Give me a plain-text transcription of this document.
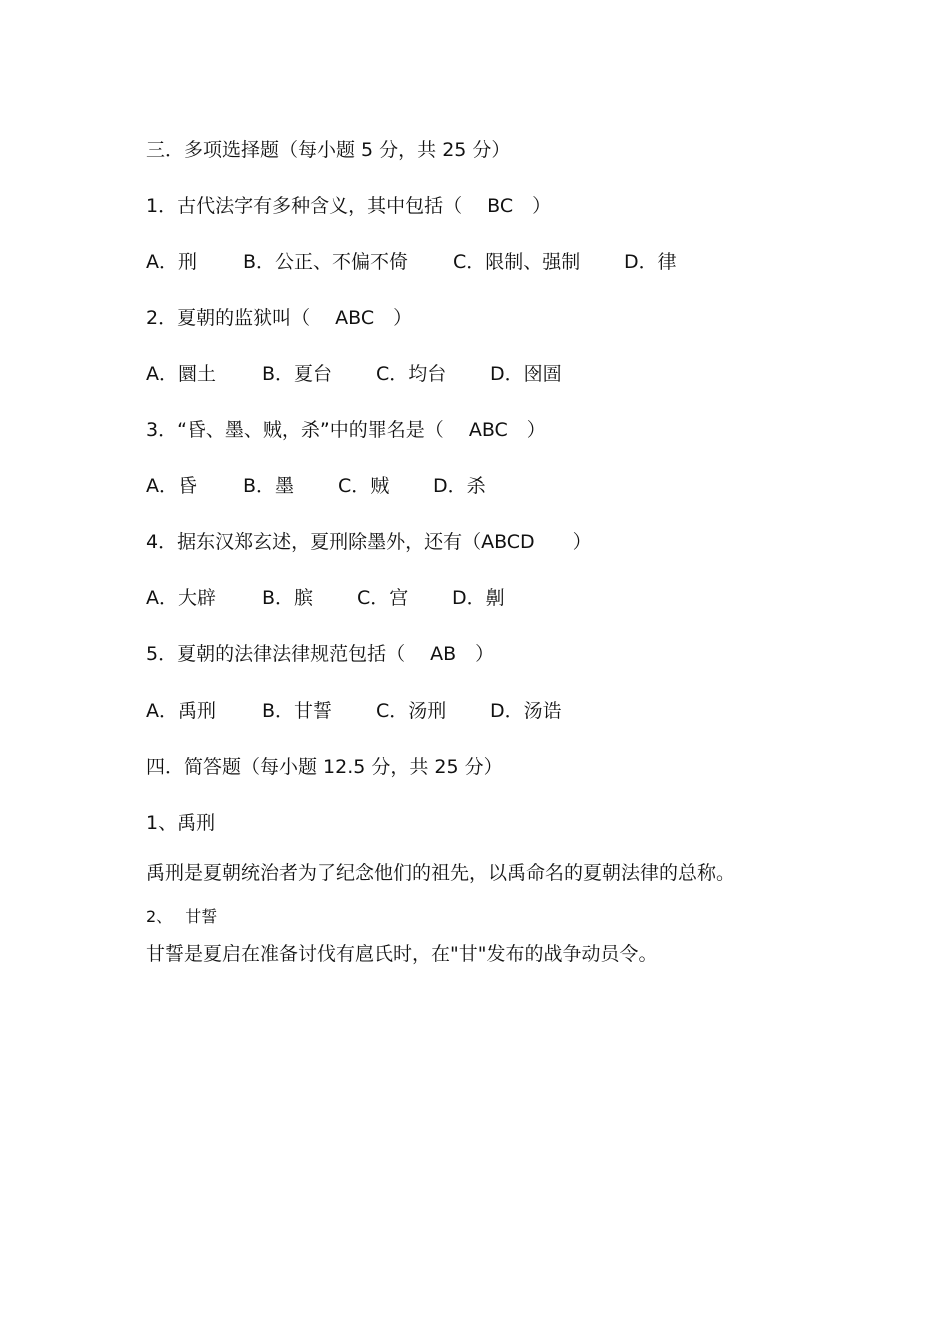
三．多项选择题（每小题 5 分，共 25 分）
1．古代法字有多种含义，其中包括（　 BC　）
A．刑 B．公正、不偏不倚 C．限制、强制 D．律
2．夏朝的监狱叫（　 ABC　）
A．圜土 B．夏台 C．均台 D．囹圄
3．“昏、墨、贼，杀”中的罪名是（　 ABC　）
A．昏 B．墨 C．贼 D．杀
4．据东汉郑玄述，夏刑除墨外，还有（ABCD　　）
A．大辟 B．膑 C．宫 D．劓
5．夏朝的法律法律规范包括（　 AB　）
A．禹刑 B．甘誓 C．汤刑 D．汤诰
四．简答题（每小题 12.5 分，共 25 分）
1、禹刑
禹刑是夏朝统治者为了纪念他们的祖先，以禹命名的夏朝法律的总称。
2、　 甘誓
甘誓是夏启在准备讨伐有扈氏时，在"甘"发布的战争动员令。
